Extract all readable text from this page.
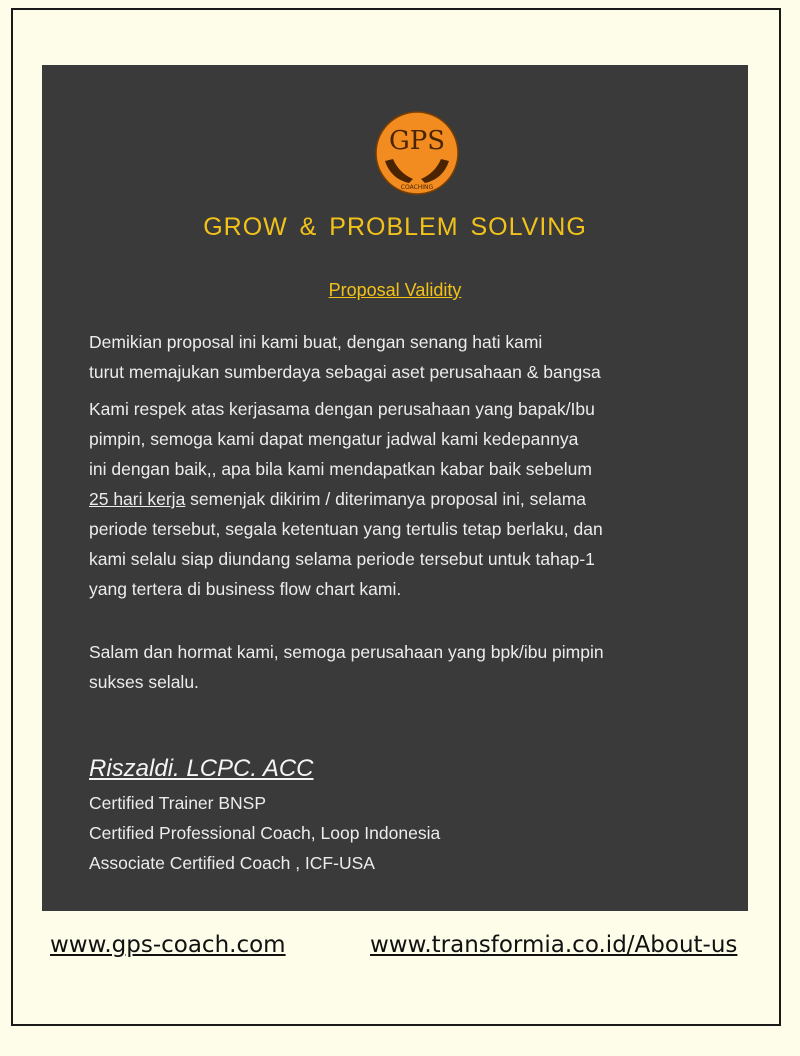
GPS
COACHING
GROW & PROBLEM SOLVING
Proposal Validity

Demikian proposal ini kami buat, dengan senang hati kami
turut memajukan sumberdaya sebagai aset perusahaan & bangsa

Kami respek atas kerjasama dengan perusahaan yang bapak/Ibu
pimpin, semoga kami dapat mengatur jadwal kami kedepannya
ini dengan baik,, apa bila kami mendapatkan kabar baik sebelum
25 hari kerja semenjak dikirim / diterimanya proposal ini, selama
periode tersebut, segala ketentuan yang tertulis tetap berlaku, dan
kami selalu siap diundang selama periode tersebut untuk tahap-1
yang tertera di business flow chart kami.

Salam dan hormat kami, semoga perusahaan yang bpk/ibu pimpin
sukses selalu.

Riszaldi. LCPC. ACC
Certified Trainer BNSP
Certified Professional Coach, Loop Indonesia
Associate Certified Coach , ICF-USA
www.gps-coach.com	www.transformia.co.id/About-us
